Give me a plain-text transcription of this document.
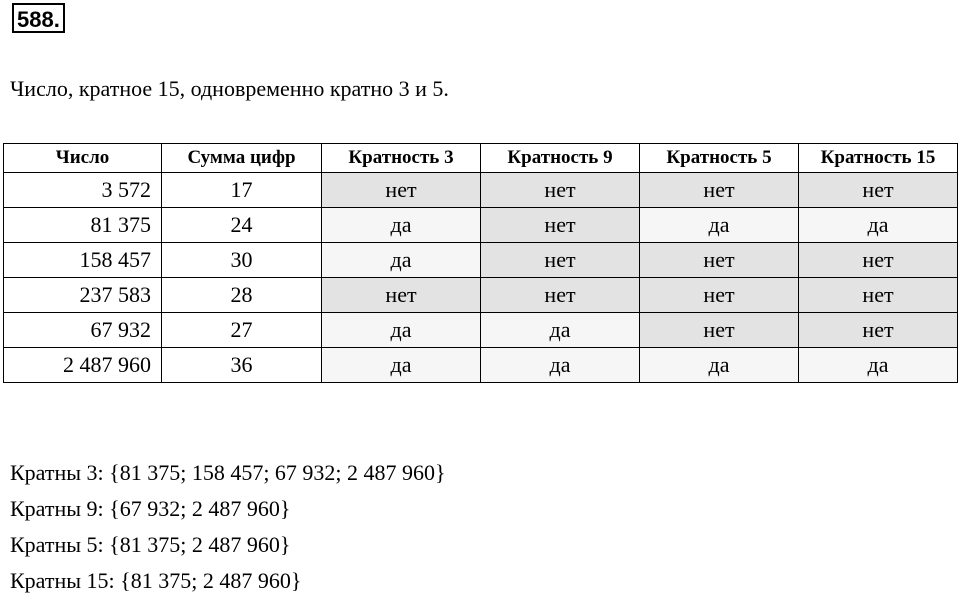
588.
Число, кратное 15, одновременно кратно 3 и 5.
Число	Сумма цифр	Кратность 3	Кратность 9	Кратность 5	Кратность 15
3 572	17	нет	нет	нет	нет
81 375	24	да	нет	да	да
158 457	30	да	нет	нет	нет
237 583	28	нет	нет	нет	нет
67 932	27	да	да	нет	нет
2 487 960	36	да	да	да	да
Кратны 3: {81 375; 158 457; 67 932; 2 487 960}
Кратны 9: {67 932; 2 487 960}
Кратны 5: {81 375; 2 487 960}
Кратны 15: {81 375; 2 487 960}
